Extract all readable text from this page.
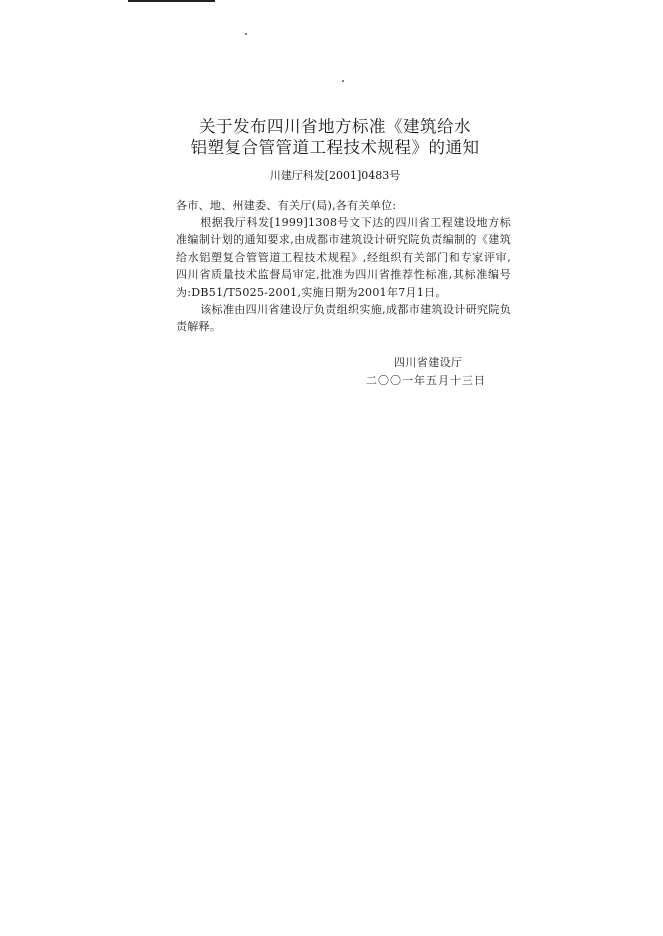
关于发布四川省地方标准《建筑给水
铝塑复合管管道工程技术规程》的通知
川建厅科发[2001]0483号
各市、地、州建委、有关厅(局),各有关单位:

根据我厅科发[1999]1308号文下达的四川省工程建设地方标准编制计划的通知要求,由成都市建筑设计研究院负责编制的《建筑给水铝塑复合管管道工程技术规程》,经组织有关部门和专家评审,四川省质量技术监督局审定,批准为四川省推荐性标准,其标准编号为:DB51/T5025-2001,实施日期为2001年7月1日。

该标准由四川省建设厅负责组织实施,成都市建筑设计研究院负责解释。

四川省建设厅
二〇〇一年五月十三日
